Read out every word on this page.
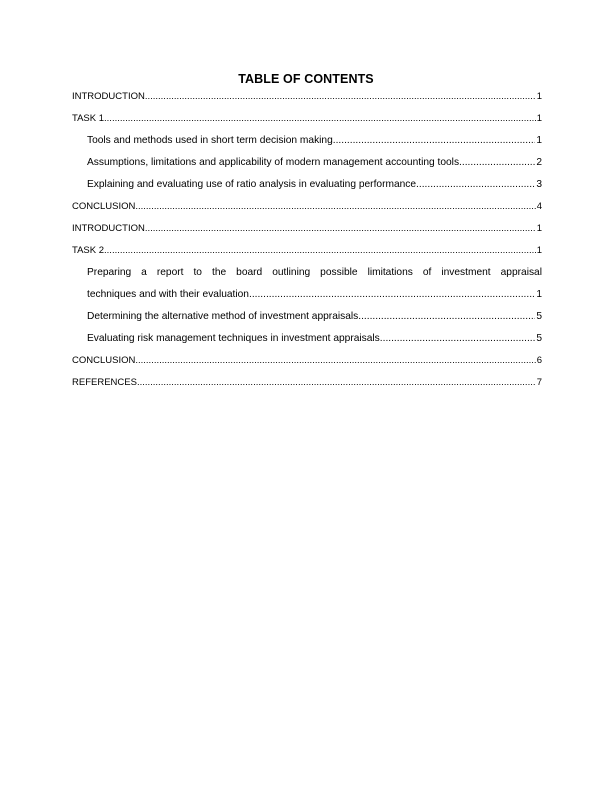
TABLE OF CONTENTS
INTRODUCTION .....	1
TASK 1 .....	1
Tools and methods used in short term decision making .....	1
Assumptions, limitations and applicability of modern management accounting tools .....	2
Explaining and evaluating use of ratio analysis in evaluating performance .....	3
CONCLUSION .....	4
INTRODUCTION .....	1
TASK 2 .....	1
Preparing a report to the board outlining possible limitations of investment appraisal
techniques and with their evaluation .....	1
Determining the alternative method of investment appraisals .....	5
Evaluating risk management techniques in investment appraisals .....	5
CONCLUSION .....	6
REFERENCES .....	7
